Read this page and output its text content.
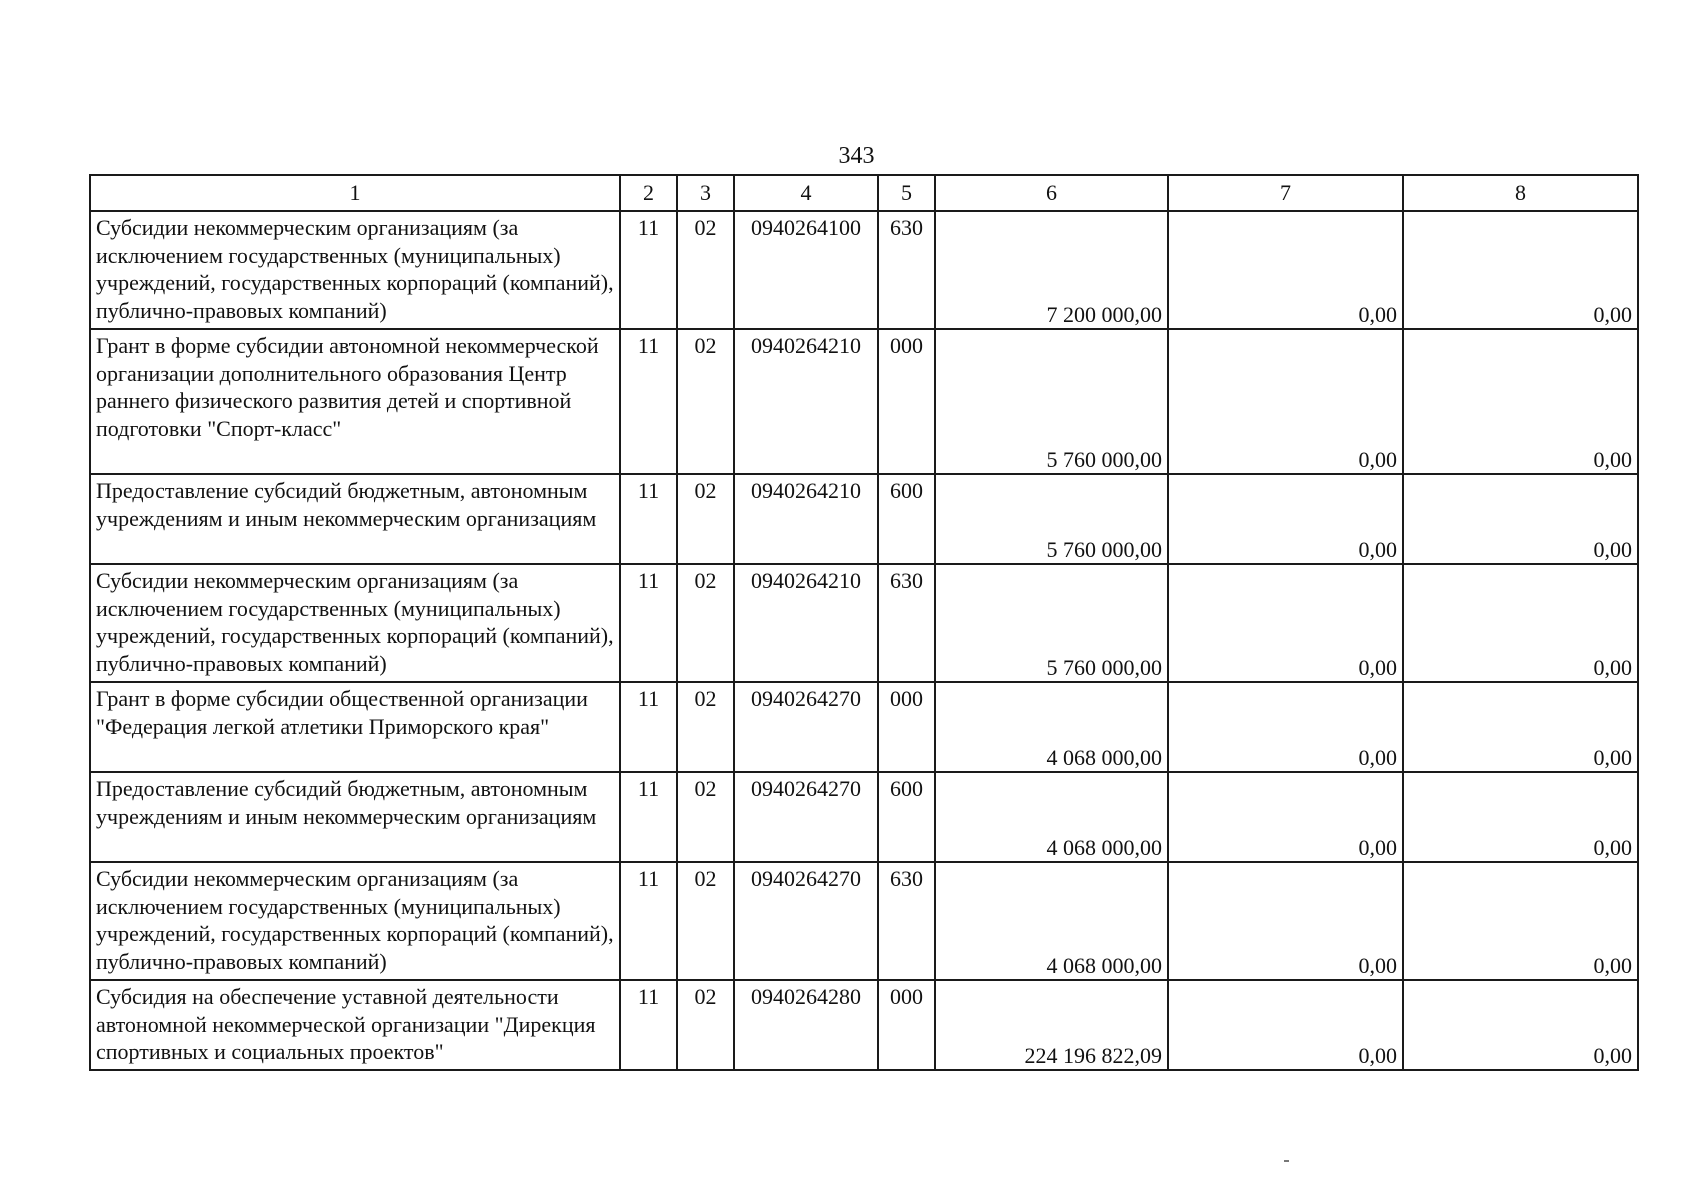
343
1	2	3	4	5	6	7	8
Субсидии некоммерческим организациям (за исключением государственных (муниципальных) учреждений, государственных корпораций (компаний), публично-правовых компаний)	11	02	0940264100	630	7 200 000,00	0,00	0,00
Грант в форме субсидии автономной некоммерческой организации дополнительного образования Центр раннего физического развития детей и спортивной подготовки "Спорт-класс"	11	02	0940264210	000	5 760 000,00	0,00	0,00
Предоставление субсидий бюджетным, автономным учреждениям и иным некоммерческим организациям	11	02	0940264210	600	5 760 000,00	0,00	0,00
Субсидии некоммерческим организациям (за исключением государственных (муниципальных) учреждений, государственных корпораций (компаний), публично-правовых компаний)	11	02	0940264210	630	5 760 000,00	0,00	0,00
Грант в форме субсидии общественной организации "Федерация легкой атлетики Приморского края"	11	02	0940264270	000	4 068 000,00	0,00	0,00
Предоставление субсидий бюджетным, автономным учреждениям и иным некоммерческим организациям	11	02	0940264270	600	4 068 000,00	0,00	0,00
Субсидии некоммерческим организациям (за исключением государственных (муниципальных) учреждений, государственных корпораций (компаний), публично-правовых компаний)	11	02	0940264270	630	4 068 000,00	0,00	0,00
Субсидия на обеспечение уставной деятельности автономной некоммерческой организации "Дирекция спортивных и социальных проектов"	11	02	0940264280	000	224 196 822,09	0,00	0,00
